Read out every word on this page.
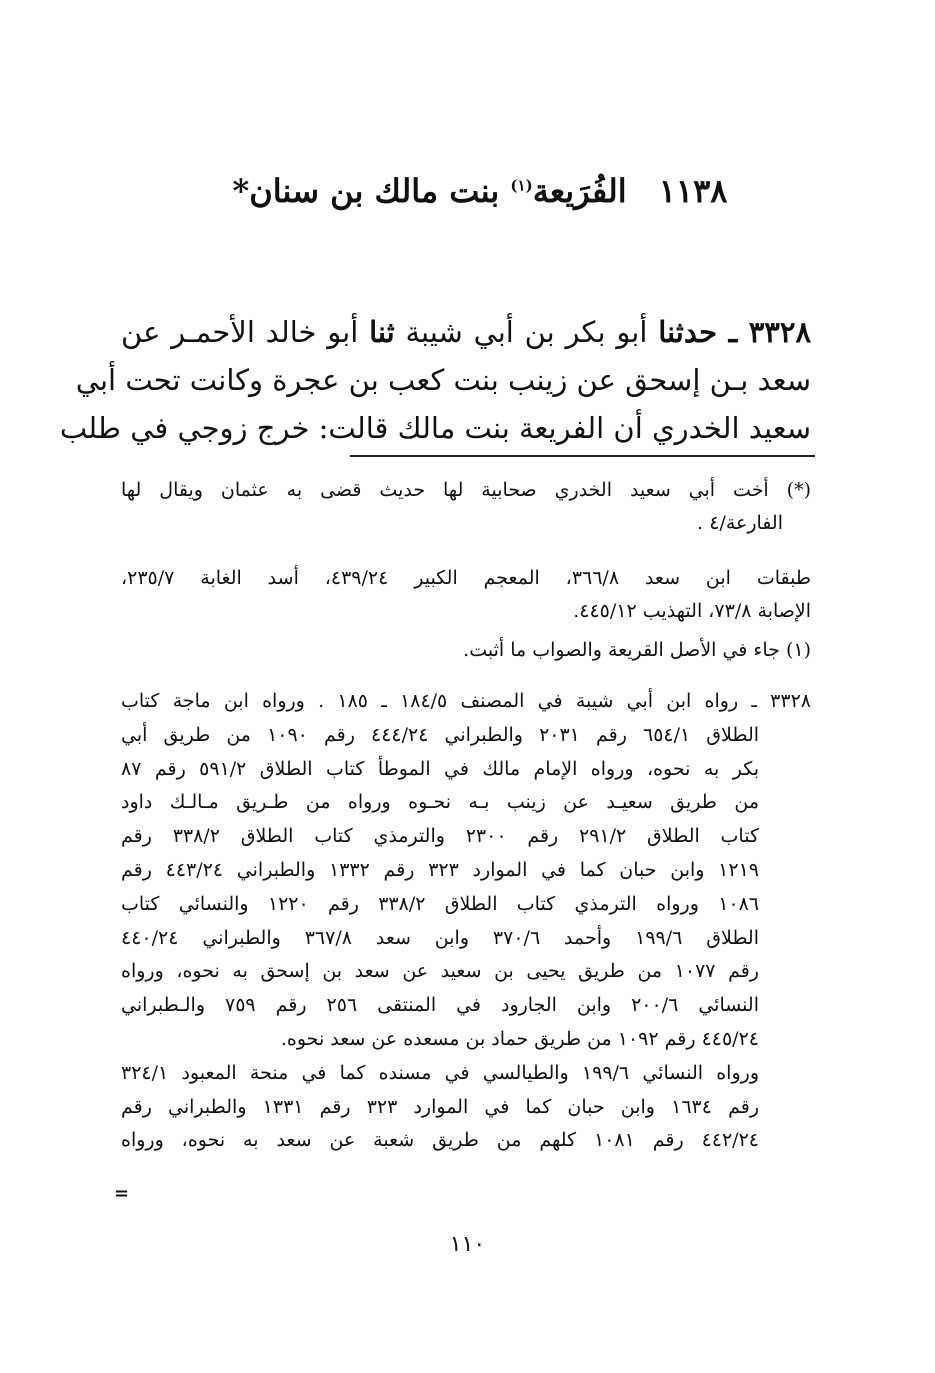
١١٣٨الفُرَيعة$^{(١)}$ بنت مالك بن سنان*
٣٣٢٨ ـ حدثنا أبو بكر بن أبي شيبة ثنا أبو خالد الأحمـر عن
سعد بـن إسحق عن زينب بنت كعب بن عجرة وكانت تحت أبي
سعيد الخدري أن الفريعة بنت مالك قالت: خرج زوجي في طلب
(*) أخت أبي سعيد الخدري صحابية لها حديث قضى به عثمان ويقال لها
الفارعة/٤ .
طبقات ابن سعد ٣٦٦/٨، المعجم الكبير ٤٣٩/٢٤، أسد الغابة ٢٣٥/٧،
الإصابة ٧٣/٨، التهذيب ٤٤٥/١٢.
(١) جاء في الأصل القريعة والصواب ما أثبت.
٣٣٢٨ ـ رواه ابن أبي شيبة في المصنف ١٨٤/٥ ـ ١٨٥ . ورواه ابن ماجة كتاب
الطلاق ٦٥٤/١ رقم ٢٠٣١ والطبراني ٤٤٤/٢٤ رقم ١٠٩٠ من طريق أبي
بكر به نحوه، ورواه الإمام مالك في الموطأ كتاب الطلاق ٥٩١/٢ رقم ٨٧
من طريق سعيـد عن زينب بـه نحـوه ورواه من طـريق مـالـك داود
كتاب الطلاق ٢٩١/٢ رقم ٢٣٠٠ والترمذي كتاب الطلاق ٣٣٨/٢ رقم
١٢١٩ وابن حبان كما في الموارد ٣٢٣ رقم ١٣٣٢ والطبراني ٤٤٣/٢٤ رقم
١٠٨٦ ورواه الترمذي كتاب الطلاق ٣٣٨/٢ رقم ١٢٢٠ والنسائي كتاب
الطلاق ١٩٩/٦ وأحمد ٣٧٠/٦ وابن سعد ٣٦٧/٨ والطبراني ٤٤٠/٢٤
رقم ١٠٧٧ من طريق يحيى بن سعيد عن سعد بن إسحق به نحوه، ورواه
النسائي ٢٠٠/٦ وابن الجارود في المنتقى ٢٥٦ رقم ٧٥٩ والـطبراني
٤٤٥/٢٤ رقم ١٠٩٢ من طريق حماد بن مسعده عن سعد نحوه.
ورواه النسائي ١٩٩/٦ والطيالسي في مسنده كما في منحة المعبود ٣٢٤/١
رقم ١٦٣٤ وابن حبان كما في الموارد ٣٢٣ رقم ١٣٣١ والطبراني رقم
٤٤٢/٢٤ رقم ١٠٨١ كلهم من طريق شعبة عن سعد به نحوه، ورواه
=
١١٠
